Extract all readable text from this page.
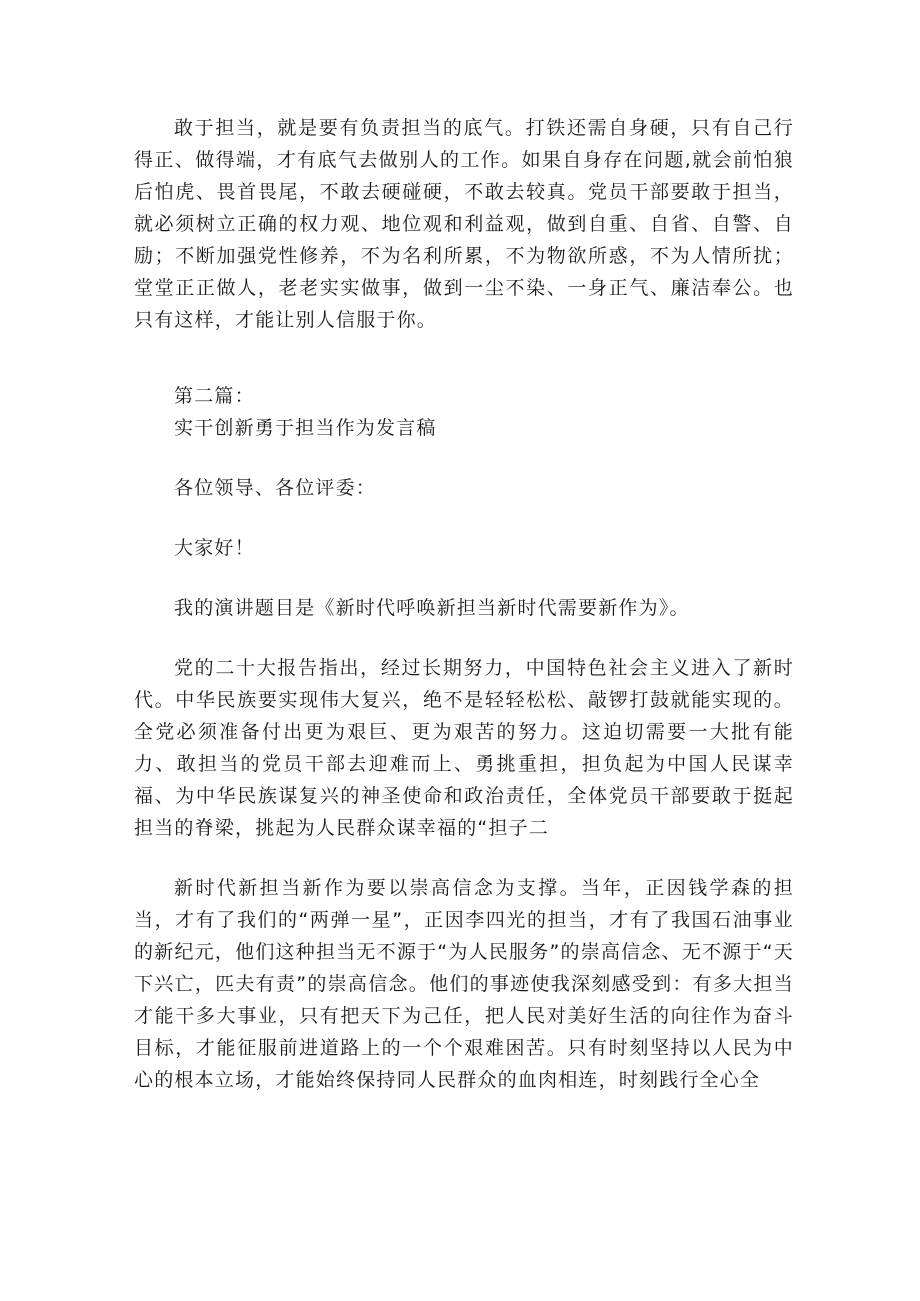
敢于担当，就是要有负责担当的底气。打铁还需自身硬，只有自己行得正、做得端，才有底气去做别人的工作。如果自身存在问题,就会前怕狼后怕虎、畏首畏尾，不敢去硬碰硬，不敢去较真。党员干部要敢于担当，就必须树立正确的权力观、地位观和利益观，做到自重、自省、自警、自励；不断加强党性修养，不为名利所累，不为物欲所惑，不为人情所扰；堂堂正正做人，老老实实做事，做到一尘不染、一身正气、廉洁奉公。也只有这样，才能让别人信服于你。

第二篇：

实干创新勇于担当作为发言稿

各位领导、各位评委：

大家好！

我的演讲题目是《新时代呼唤新担当新时代需要新作为》。

党的二十大报告指出，经过长期努力，中国特色社会主义进入了新时代。中华民族要实现伟大复兴，绝不是轻轻松松、敲锣打鼓就能实现的。全党必须准备付出更为艰巨、更为艰苦的努力。这迫切需要一大批有能力、敢担当的党员干部去迎难而上、勇挑重担，担负起为中国人民谋幸福、为中华民族谋复兴的神圣使命和政治责任，全体党员干部要敢于挺起担当的脊梁，挑起为人民群众谋幸福的“担子二

新时代新担当新作为要以崇高信念为支撑。当年，正因钱学森的担当，才有了我们的“两弹一星”，正因李四光的担当，才有了我国石油事业的新纪元，他们这种担当无不源于“为人民服务”的崇高信念、无不源于“天下兴亡，匹夫有责”的崇高信念。他们的事迹使我深刻感受到：有多大担当才能干多大事业，只有把天下为己任，把人民对美好生活的向往作为奋斗目标，才能征服前进道路上的一个个艰难困苦。只有时刻坚持以人民为中心的根本立场，才能始终保持同人民群众的血肉相连，时刻践行全心全
